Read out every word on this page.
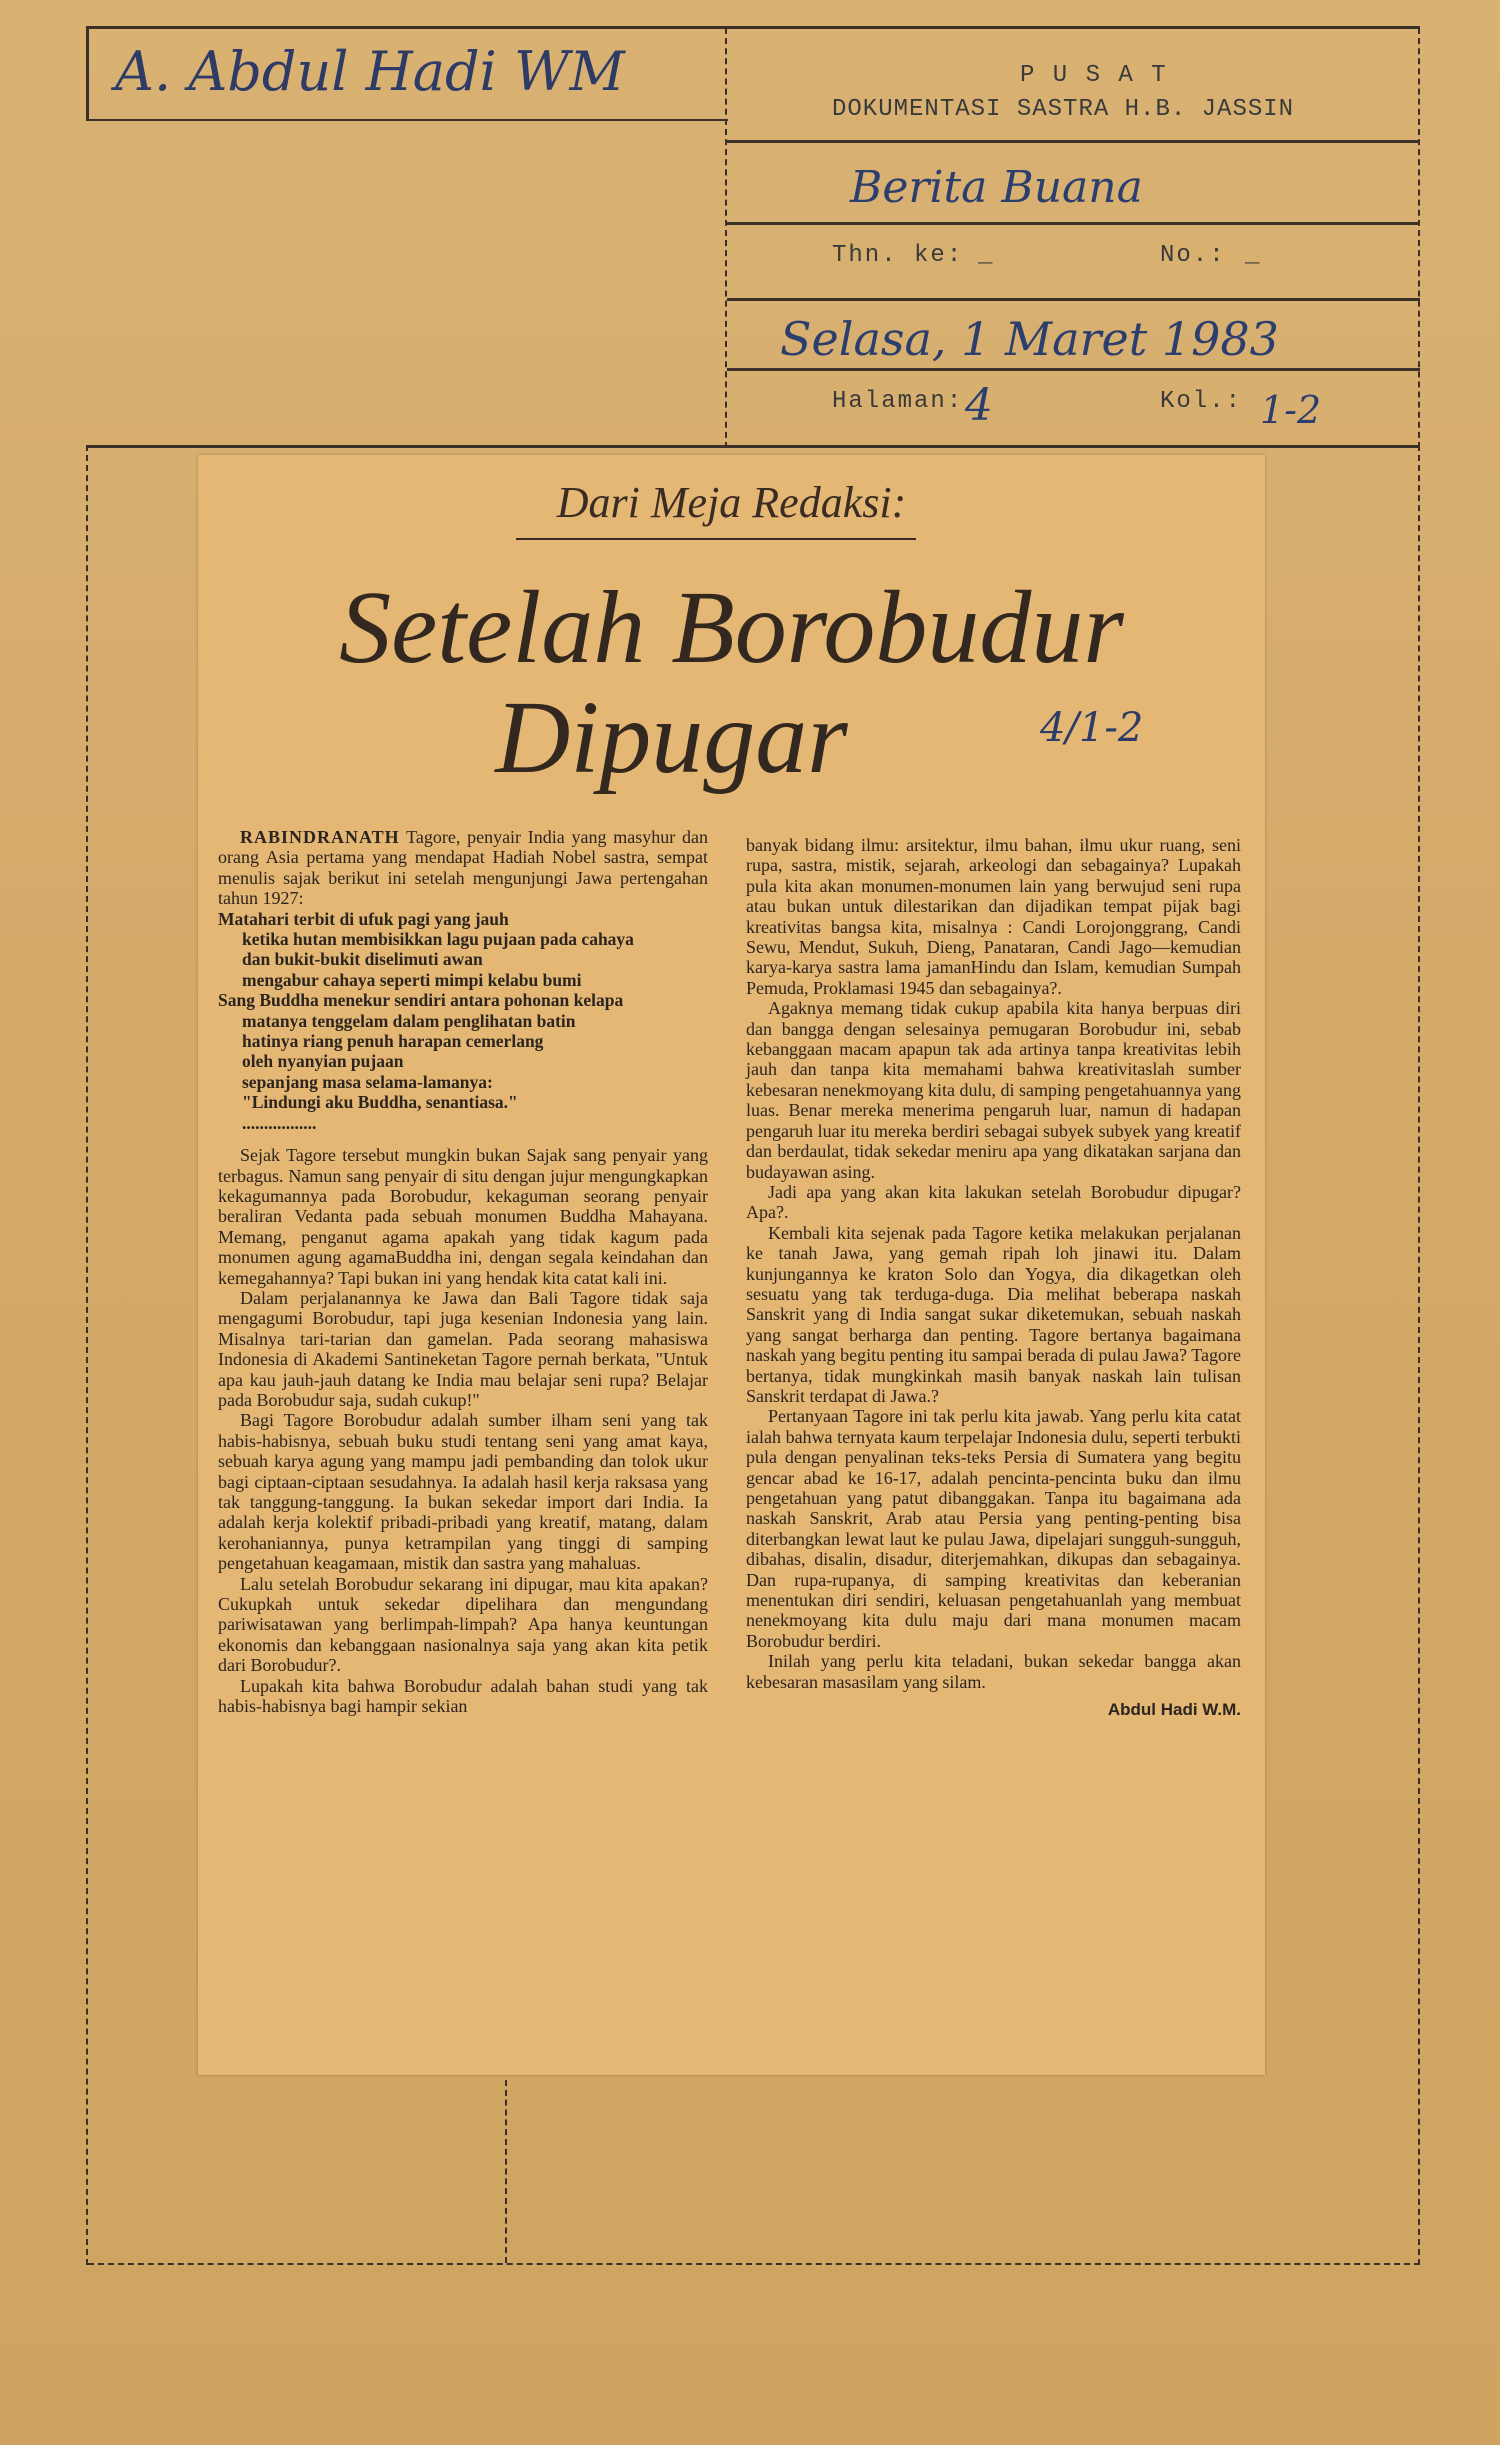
A. Abdul Hadi WM	P U S A T
DOKUMENTASI SASTRA H.B. JASSIN
Berita Buana
Thn. ke: _	No.: _
Selasa, 1 Maret 1983
Halaman: 4	Kol.: 1-2
Dari Meja Redaksi:
Setelah Borobudur
Dipugar	4/1-2

RABINDRANATH Tagore, penyair India yang masyhur dan orang Asia pertama yang mendapat Hadiah Nobel sastra, sempat menulis sajak berikut ini setelah mengunjungi Jawa pertengahan tahun 1927:

Matahari terbit di ufuk pagi yang jauh
ketika hutan membisikkan lagu pujaan pada cahaya
dan bukit-bukit diselimuti awan
mengabur cahaya seperti mimpi kelabu bumi
Sang Buddha menekur sendiri antara pohonan kelapa
matanya tenggelam dalam penglihatan batin
hatinya riang penuh harapan cemerlang
oleh nyanyian pujaan
sepanjang masa selama-lamanya:
"Lindungi aku Buddha, senantiasa."
.................

Sejak Tagore tersebut mungkin bukan Sajak sang penyair yang terbagus. Namun sang penyair di situ dengan jujur mengungkapkan kekagumannya pada Borobudur, kekaguman seorang penyair beraliran Vedanta pada sebuah monumen Buddha Mahayana. Memang, penganut agama apakah yang tidak kagum pada monumen agung agamaBuddha ini, dengan segala keindahan dan kemegahannya? Tapi bukan ini yang hendak kita catat kali ini.

Dalam perjalanannya ke Jawa dan Bali Tagore tidak saja mengagumi Borobudur, tapi juga kesenian Indonesia yang lain. Misalnya tari-tarian dan gamelan. Pada seorang mahasiswa Indonesia di Akademi Santineketan Tagore pernah berkata, "Untuk apa kau jauh-jauh datang ke India mau belajar seni rupa? Belajar pada Borobudur saja, sudah cukup!"

Bagi Tagore Borobudur adalah sumber ilham seni yang tak habis-habisnya, sebuah buku studi tentang seni yang amat kaya, sebuah karya agung yang mampu jadi pembanding dan tolok ukur bagi ciptaan-ciptaan sesudahnya. Ia adalah hasil kerja raksasa yang tak tanggung-tanggung. Ia bukan sekedar import dari India. Ia adalah kerja kolektif pribadi-pribadi yang kreatif, matang, dalam kerohaniannya, punya ketrampilan yang tinggi di samping pengetahuan keagamaan, mistik dan sastra yang mahaluas.

Lalu setelah Borobudur sekarang ini dipugar, mau kita apakan? Cukupkah untuk sekedar dipelihara dan mengundang pariwisatawan yang berlimpah-limpah? Apa hanya keuntungan ekonomis dan kebanggaan nasionalnya saja yang akan kita petik dari Borobudur?.

Lupakah kita bahwa Borobudur adalah bahan studi yang tak habis-habisnya bagi hampir sekian

banyak bidang ilmu: arsitektur, ilmu bahan, ilmu ukur ruang, seni rupa, sastra, mistik, sejarah, arkeologi dan sebagainya? Lupakah pula kita akan monumen-monumen lain yang berwujud seni rupa atau bukan untuk dilestarikan dan dijadikan tempat pijak bagi kreativitas bangsa kita, misalnya : Candi Lorojonggrang, Candi Sewu, Mendut, Sukuh, Dieng, Panataran, Candi Jago—kemudian karya-karya sastra lama jamanHindu dan Islam, kemudian Sumpah Pemuda, Proklamasi 1945 dan sebagainya?.

Agaknya memang tidak cukup apabila kita hanya berpuas diri dan bangga dengan selesainya pemugaran Borobudur ini, sebab kebanggaan macam apapun tak ada artinya tanpa kreativitas lebih jauh dan tanpa kita memahami bahwa kreativitaslah sumber kebesaran nenekmoyang kita dulu, di samping pengetahuannya yang luas. Benar mereka menerima pengaruh luar, namun di hadapan pengaruh luar itu mereka berdiri sebagai subyek subyek yang kreatif dan berdaulat, tidak sekedar meniru apa yang dikatakan sarjana dan budayawan asing.

Jadi apa yang akan kita lakukan setelah Borobudur dipugar? Apa?.

Kembali kita sejenak pada Tagore ketika melakukan perjalanan ke tanah Jawa, yang gemah ripah loh jinawi itu. Dalam kunjungannya ke kraton Solo dan Yogya, dia dikagetkan oleh sesuatu yang tak terduga-duga. Dia melihat beberapa naskah Sanskrit yang di India sangat sukar diketemukan, sebuah naskah yang sangat berharga dan penting. Tagore bertanya bagaimana naskah yang begitu penting itu sampai berada di pulau Jawa? Tagore bertanya, tidak mungkinkah masih banyak naskah lain tulisan Sanskrit terdapat di Jawa.?

Pertanyaan Tagore ini tak perlu kita jawab. Yang perlu kita catat ialah bahwa ternyata kaum terpelajar Indonesia dulu, seperti terbukti pula dengan penyalinan teks-teks Persia di Sumatera yang begitu gencar abad ke 16-17, adalah pencinta-pencinta buku dan ilmu pengetahuan yang patut dibanggakan. Tanpa itu bagaimana ada naskah Sanskrit, Arab atau Persia yang penting-penting bisa diterbangkan lewat laut ke pulau Jawa, dipelajari sungguh-sungguh, dibahas, disalin, disadur, diterjemahkan, dikupas dan sebagainya. Dan rupa-rupanya, di samping kreativitas dan keberanian menentukan diri sendiri, keluasan pengetahuanlah yang membuat nenekmoyang kita dulu maju dari mana monumen macam Borobudur berdiri.

Inilah yang perlu kita teladani, bukan sekedar bangga akan kebesaran masasilam yang silam.

Abdul Hadi W.M.
